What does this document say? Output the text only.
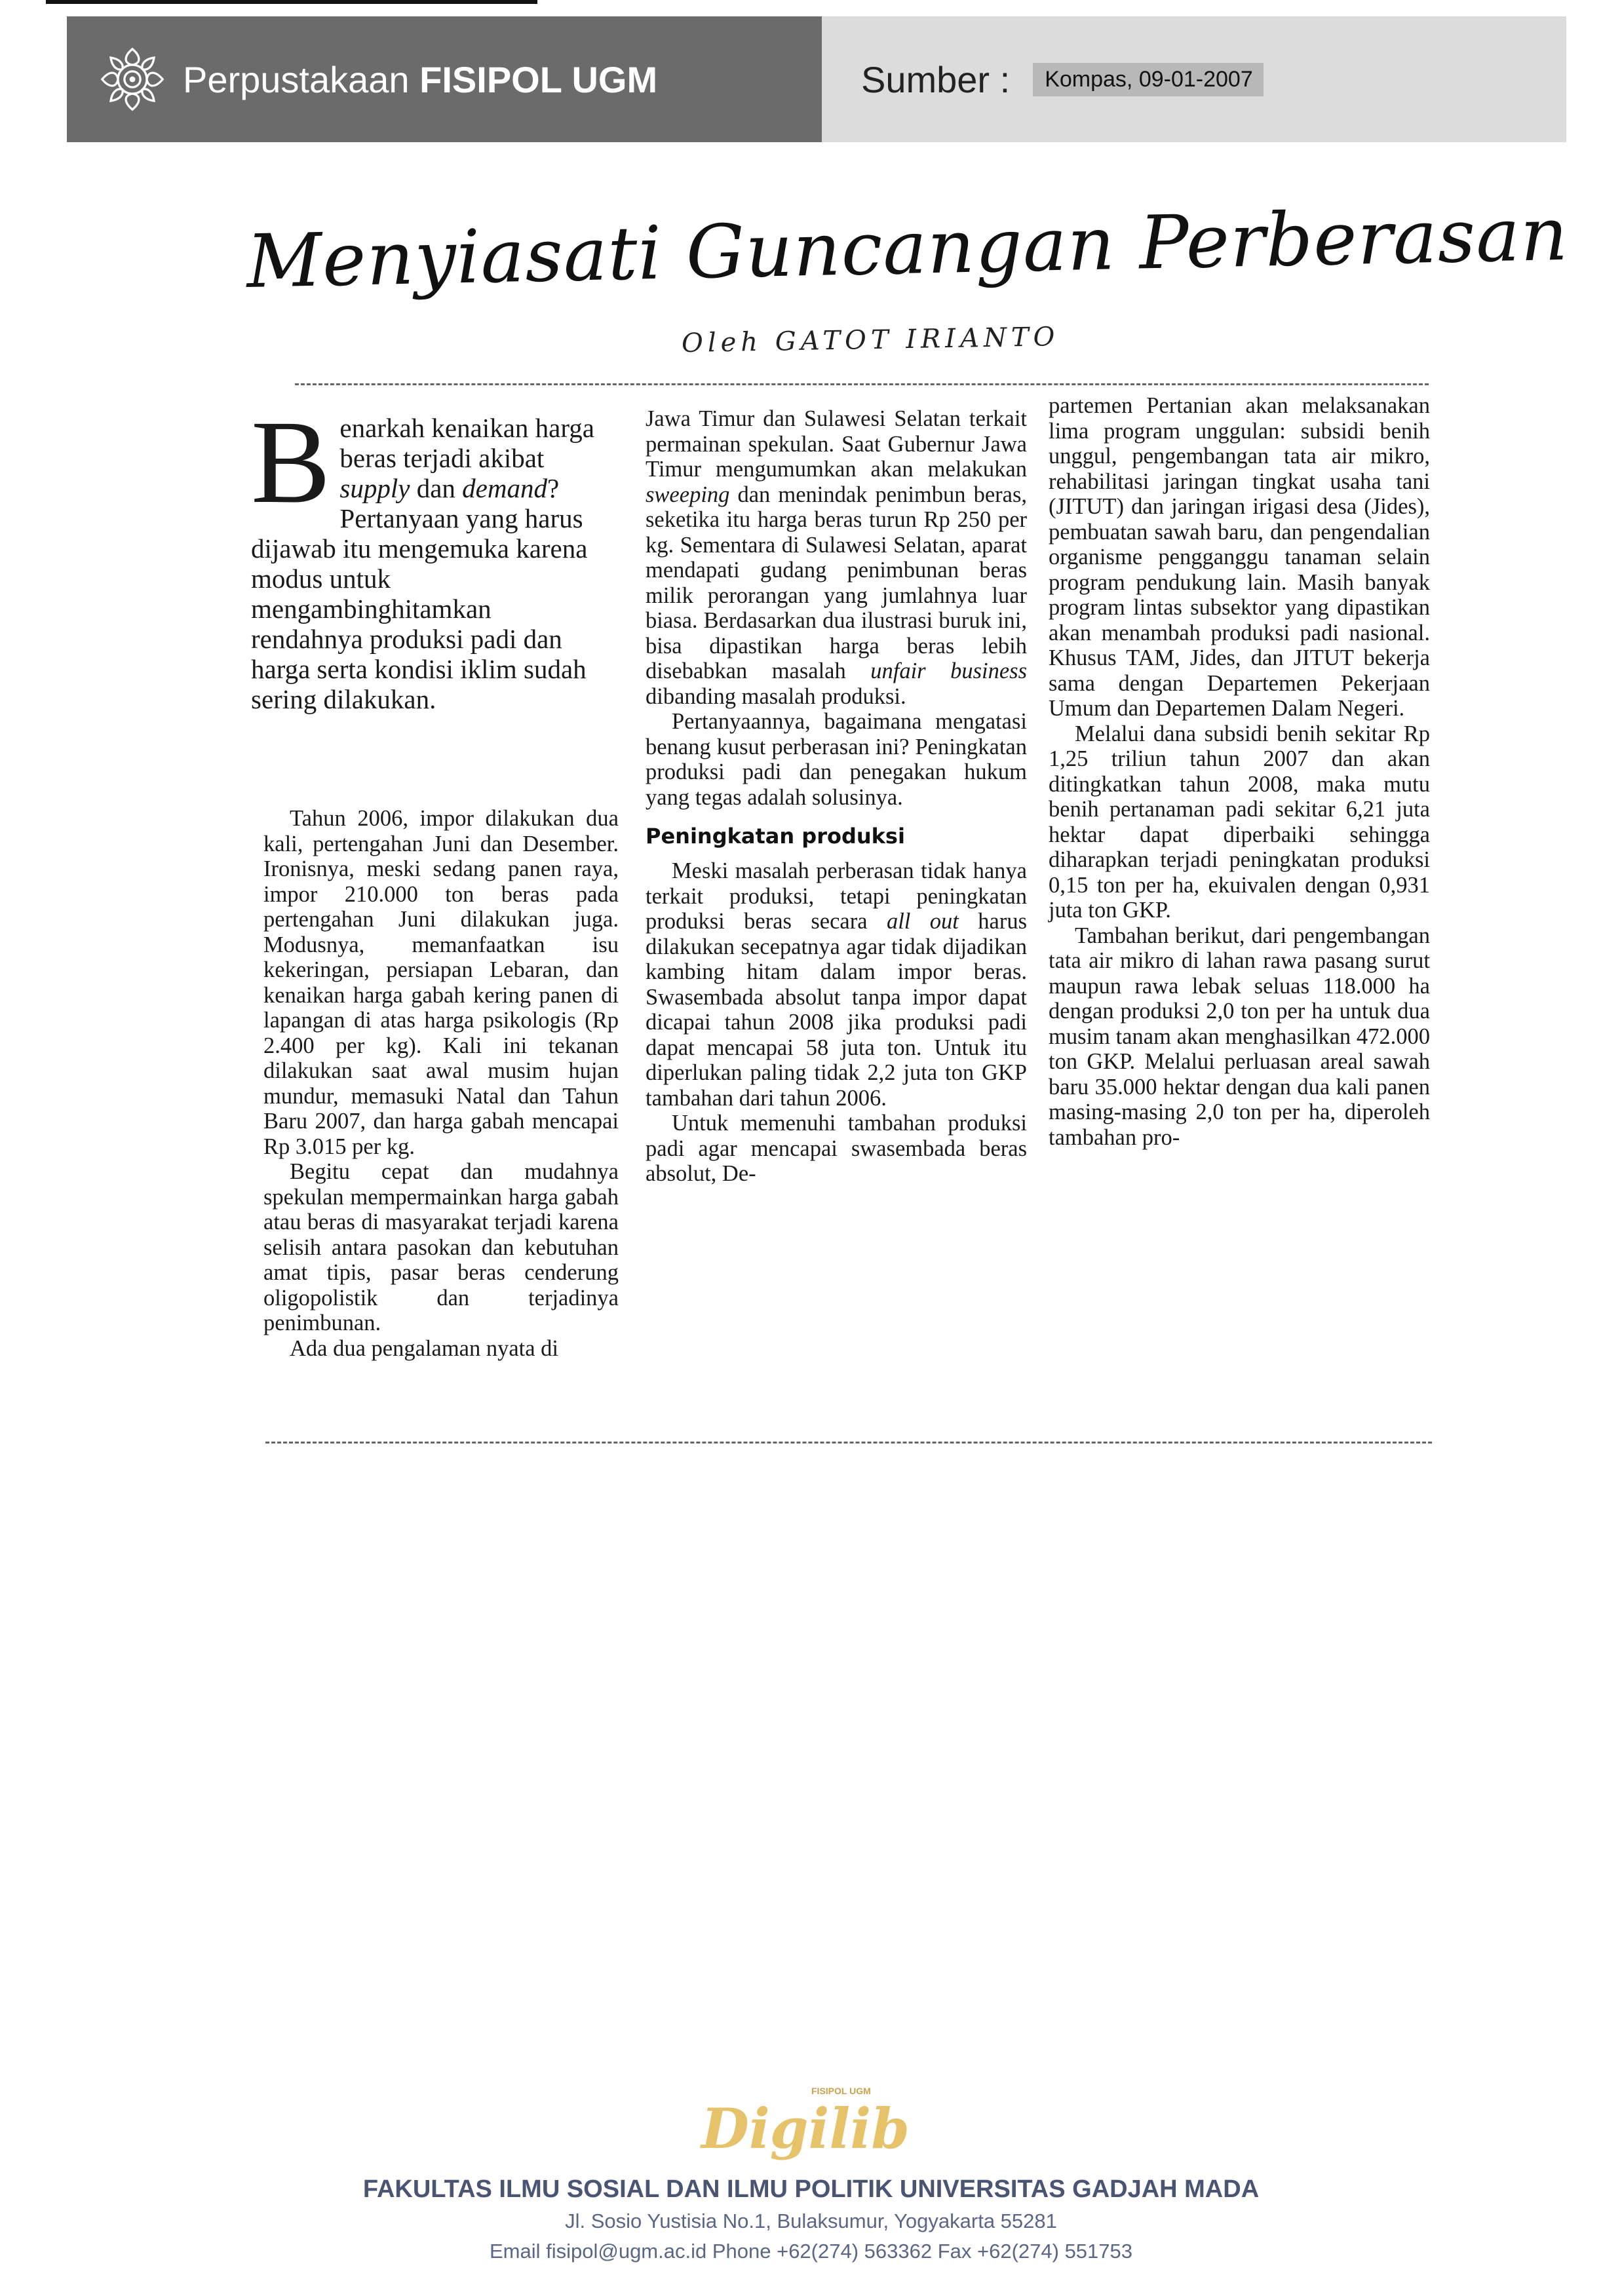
Perpustakaan FISIPOL UGM	Sumber :	Kompas, 09-01-2007
Menyiasati Guncangan Perberasan
Oleh GATOT IRIANTO
Benarkah kenaikan harga beras terjadi akibat supply dan demand? Pertanyaan yang harus dijawab itu mengemuka karena modus untuk mengambinghitamkan rendahnya produksi padi dan harga serta kondisi iklim sudah sering dilakukan.

Tahun 2006, impor dilakukan dua kali, pertengahan Juni dan Desember. Ironisnya, meski sedang panen raya, impor 210.000 ton beras pada pertengahan Juni dilakukan juga. Modusnya, memanfaatkan isu kekeringan, persiapan Lebaran, dan kenaikan harga gabah kering panen di lapangan di atas harga psikologis (Rp 2.400 per kg). Kali ini tekanan dilakukan saat awal musim hujan mundur, memasuki Natal dan Tahun Baru 2007, dan harga gabah mencapai Rp 3.015 per kg.

Begitu cepat dan mudahnya spekulan mempermainkan harga gabah atau beras di masyarakat terjadi karena selisih antara pasokan dan kebutuhan amat tipis, pasar beras cenderung oligopolistik dan terjadinya penimbunan.

Ada dua pengalaman nyata di

Jawa Timur dan Sulawesi Selatan terkait permainan spekulan. Saat Gubernur Jawa Timur mengumumkan akan melakukan sweeping dan menindak penimbun beras, seketika itu harga beras turun Rp 250 per kg. Sementara di Sulawesi Selatan, aparat mendapati gudang penimbunan beras milik perorangan yang jumlahnya luar biasa. Berdasarkan dua ilustrasi buruk ini, bisa dipastikan harga beras lebih disebabkan masalah unfair business dibanding masalah produksi.

Pertanyaannya, bagaimana mengatasi benang kusut perberasan ini? Peningkatan produksi padi dan penegakan hukum yang tegas adalah solusinya.

Peningkatan produksi

Meski masalah perberasan tidak hanya terkait produksi, tetapi peningkatan produksi beras secara all out harus dilakukan secepatnya agar tidak dijadikan kambing hitam dalam impor beras. Swasembada absolut tanpa impor dapat dicapai tahun 2008 jika produksi padi dapat mencapai 58 juta ton. Untuk itu diperlukan paling tidak 2,2 juta ton GKP tambahan dari tahun 2006.

Untuk memenuhi tambahan produksi padi agar mencapai swasembada beras absolut, De-

partemen Pertanian akan melaksanakan lima program unggulan: subsidi benih unggul, pengembangan tata air mikro, rehabilitasi jaringan tingkat usaha tani (JITUT) dan jaringan irigasi desa (Jides), pembuatan sawah baru, dan pengendalian organisme pengganggu tanaman selain program pendukung lain. Masih banyak program lintas subsektor yang dipastikan akan menambah produksi padi nasional. Khusus TAM, Jides, dan JITUT bekerja sama dengan Departemen Pekerjaan Umum dan Departemen Dalam Negeri.

Melalui dana subsidi benih sekitar Rp 1,25 triliun tahun 2007 dan akan ditingkatkan tahun 2008, maka mutu benih pertanaman padi sekitar 6,21 juta hektar dapat diperbaiki sehingga diharapkan terjadi peningkatan produksi 0,15 ton per ha, ekuivalen dengan 0,931 juta ton GKP.

Tambahan berikut, dari pengembangan tata air mikro di lahan rawa pasang surut maupun rawa lebak seluas 118.000 ha dengan produksi 2,0 ton per ha untuk dua musim tanam akan menghasilkan 472.000 ton GKP. Melalui perluasan areal sawah baru 35.000 hektar dengan dua kali panen masing-masing 2,0 ton per ha, diperoleh tambahan pro-

FISIPOL UGM
Digilib
FAKULTAS ILMU SOSIAL DAN ILMU POLITIK UNIVERSITAS GADJAH MADA
Jl. Sosio Yustisia No.1, Bulaksumur, Yogyakarta 55281
Email fisipol@ugm.ac.id Phone +62(274) 563362 Fax +62(274) 551753
